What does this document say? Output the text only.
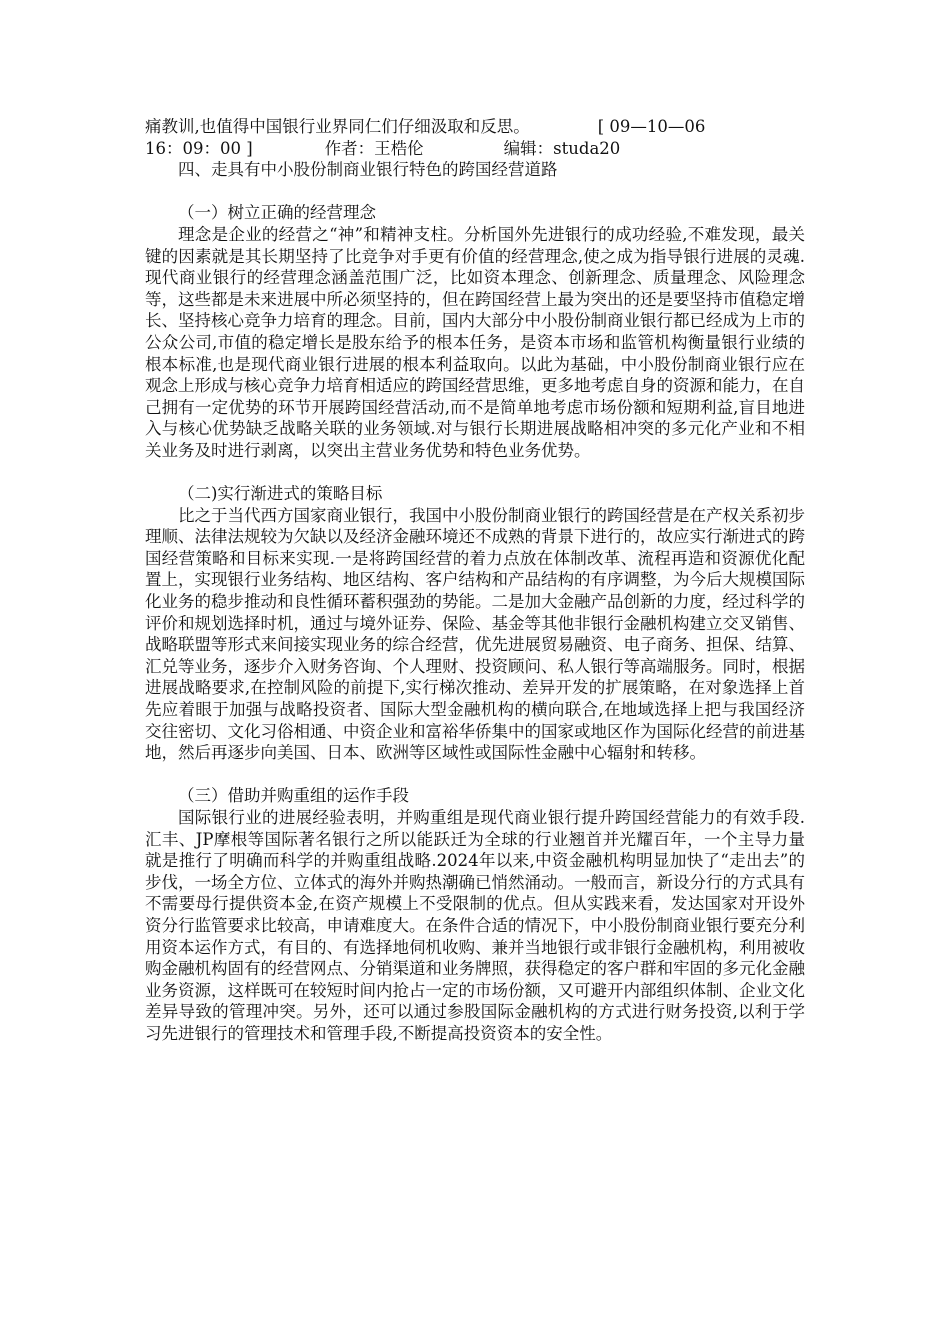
痛教训,也值得中国银行业界同仁们仔细汲取和反思。	[ 09—10—06
16：09：00 ]	作者：王梏伦	编辑：studa20

四、走具有中小股份制商业银行特色的跨国经营道路

（一）树立正确的经营理念

理念是企业的经营之“神”和精神支柱。分析国外先进银行的成功经验,不难发现，最关键的因素就是其长期坚持了比竞争对手更有价值的经营理念,使之成为指导银行进展的灵魂.现代商业银行的经营理念涵盖范围广泛，比如资本理念、创新理念、质量理念、风险理念等，这些都是未来进展中所必须坚持的，但在跨国经营上最为突出的还是要坚持市值稳定增长、坚持核心竞争力培育的理念。目前，国内大部分中小股份制商业银行都已经成为上市的公众公司,市值的稳定增长是股东给予的根本任务，是资本市场和监管机构衡量银行业绩的根本标准,也是现代商业银行进展的根本利益取向。以此为基础，中小股份制商业银行应在观念上形成与核心竞争力培育相适应的跨国经营思维，更多地考虑自身的资源和能力，在自己拥有一定优势的环节开展跨国经营活动,而不是简单地考虑市场份额和短期利益,盲目地进入与核心优势缺乏战略关联的业务领域.对与银行长期进展战略相冲突的多元化产业和不相关业务及时进行剥离，以突出主营业务优势和特色业务优势。

（二)实行渐进式的策略目标

比之于当代西方国家商业银行，我国中小股份制商业银行的跨国经营是在产权关系初步理顺、法律法规较为欠缺以及经济金融环境还不成熟的背景下进行的，故应实行渐进式的跨国经营策略和目标来实现.一是将跨国经营的着力点放在体制改革、流程再造和资源优化配置上，实现银行业务结构、地区结构、客户结构和产品结构的有序调整，为今后大规模国际化业务的稳步推动和良性循环蓄积强劲的势能。二是加大金融产品创新的力度，经过科学的评价和规划选择时机，通过与境外证券、保险、基金等其他非银行金融机构建立交叉销售、战略联盟等形式来间接实现业务的综合经营，优先进展贸易融资、电子商务、担保、结算、汇兑等业务，逐步介入财务咨询、个人理财、投资顾问、私人银行等高端服务。同时，根据进展战略要求,在控制风险的前提下,实行梯次推动、差异开发的扩展策略，在对象选择上首先应着眼于加强与战略投资者、国际大型金融机构的横向联合,在地域选择上把与我国经济交往密切、文化习俗相通、中资企业和富裕华侨集中的国家或地区作为国际化经营的前进基地，然后再逐步向美国、日本、欧洲等区域性或国际性金融中心辐射和转移。

（三）借助并购重组的运作手段

国际银行业的进展经验表明，并购重组是现代商业银行提升跨国经营能力的有效手段.汇丰、JP摩根等国际著名银行之所以能跃迁为全球的行业翘首并光耀百年，一个主导力量就是推行了明确而科学的并购重组战略.2024年以来,中资金融机构明显加快了“走出去”的步伐，一场全方位、立体式的海外并购热潮确已悄然涌动。一般而言，新设分行的方式具有不需要母行提供资本金,在资产规模上不受限制的优点。但从实践来看，发达国家对开设外资分行监管要求比较高，申请难度大。在条件合适的情况下，中小股份制商业银行要充分利用资本运作方式，有目的、有选择地伺机收购、兼并当地银行或非银行金融机构，利用被收购金融机构固有的经营网点、分销渠道和业务牌照，获得稳定的客户群和牢固的多元化金融业务资源，这样既可在较短时间内抢占一定的市场份额，又可避开内部组织体制、企业文化差异导致的管理冲突。另外，还可以通过参股国际金融机构的方式进行财务投资,以利于学习先进银行的管理技术和管理手段,不断提高投资资本的安全性。
